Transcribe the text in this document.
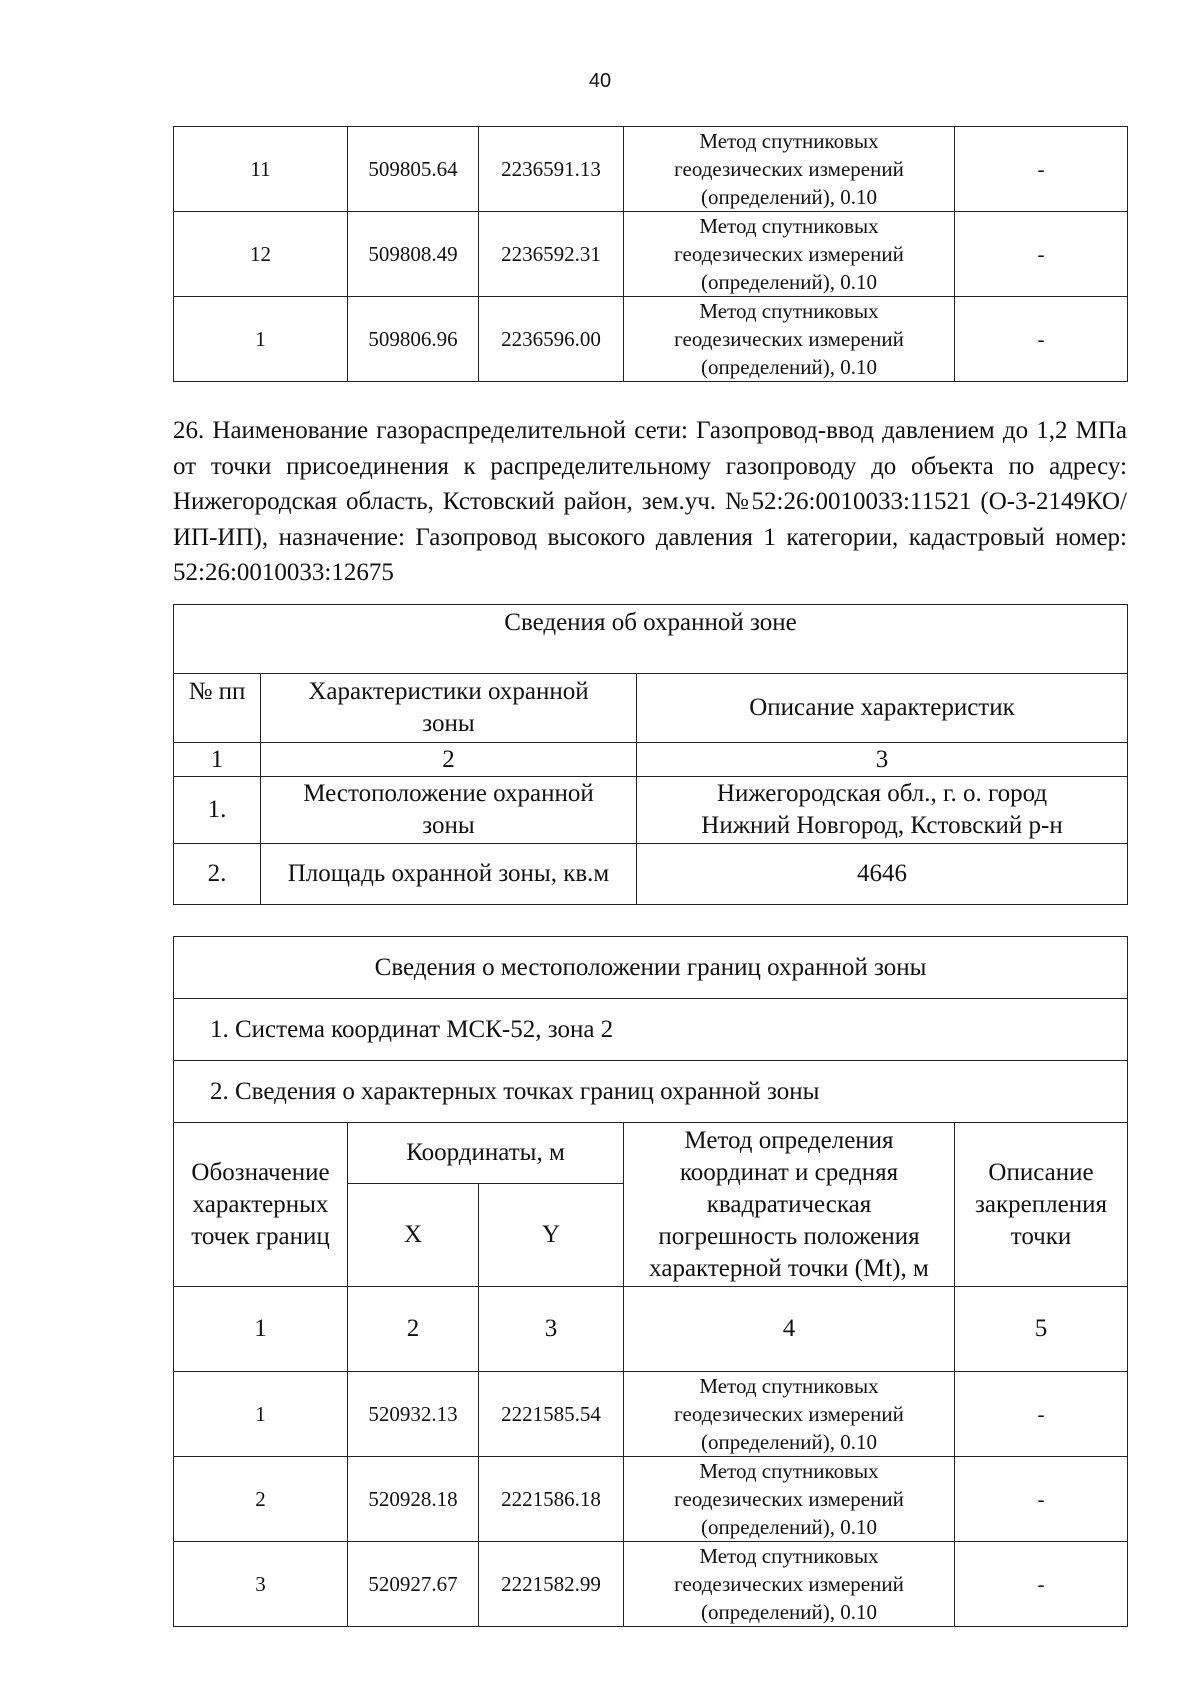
40
11	509805.64	2236591.13	Метод спутниковых
геодезических измерений
(определений), 0.10	-
12	509808.49	2236592.31	Метод спутниковых
геодезических измерений
(определений), 0.10	-
1	509806.96	2236596.00	Метод спутниковых
геодезических измерений
(определений), 0.10	-

26. Наименование газораспределительной сети: Газопровод-ввод давлением до 1,2 МПа от точки присоединения к распределительному газопроводу до объекта по адресу: Нижегородская область, Кстовский район, зем.уч. №52:26:0010033:11521 (О-3-2149КО/ИП-ИП), назначение: Газопровод высокого давления 1 категории, кадастровый номер: 52:26:0010033:12675

Сведения об охранной зоне		
№ пп	Характеристики охранной
зоны	Описание характеристик
1	2	3
1.	Местоположение охранной
зоны	Нижегородская обл., г. о. город
Нижний Новгород, Кстовский р-н
2.	Площадь охранной зоны, кв.м	4646
Сведения о местоположении границ охранной зоны				
1. Система координат МСК-52, зона 2				
2. Сведения о характерных точках границ охранной зоны				
Обозначение
характерных
точек границ	Координаты, м		Метод определения
координат и средняя
квадратическая
погрешность положения
характерной точки (Mt), м	Описание
закрепления
точки
	X	Y		
1	2	3	4	5
1	520932.13	2221585.54	Метод спутниковых
геодезических измерений
(определений), 0.10	-
2	520928.18	2221586.18	Метод спутниковых
геодезических измерений
(определений), 0.10	-
3	520927.67	2221582.99	Метод спутниковых
геодезических измерений
(определений), 0.10	-
